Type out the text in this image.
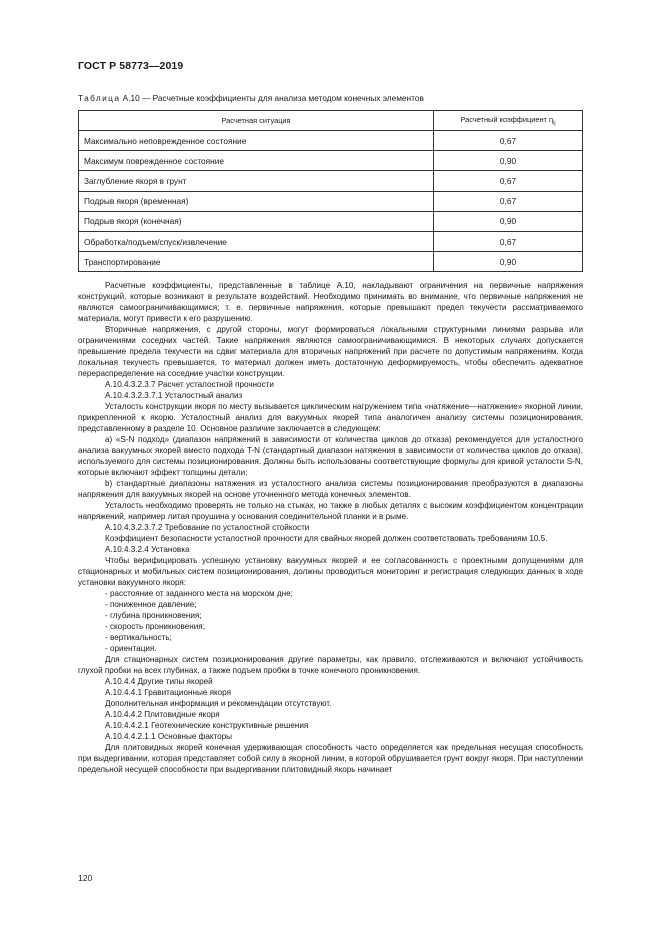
ГОСТ Р 58773—2019
Таблица А.10 — Расчетные коэффициенты для анализа методом конечных элементов
Расчетная ситуация	Расчетный коэффициент $\eta_{ij}$
Максимально неповрежденное состояние	0,67
Максимум поврежденное состояние	0,90
Заглубление якоря в грунт	0,67
Подрыв якоря (временная)	0,67
Подрыв якоря (конечная)	0,90
Обработка/подъем/спуск/извлечение	0,67
Транспортирование	0,90

Расчетные коэффициенты, представленные в таблице А.10, накладывают ограничения на первичные напряжения конструкций, которые возникают в результате воздействий. Необходимо принимать во внимание, что первичные напряжения не являются самоограничивающимися; т. е. первичные напряжения, которые превышают предел текучести рассматриваемого материала, могут привести к его разрушению.

Вторичные напряжения, с другой стороны, могут формироваться локальными структурными линиями разрыва или ограничениями соседних частей. Такие напряжения являются самоограничивающимися. В некоторых случаях допускается превышение предела текучести на сдвиг материала для вторичных напряжений при расчете по допустимым напряжениям. Когда локальная текучесть превышается, то материал должен иметь достаточную деформируемость, чтобы обеспечить адекватное перераспределение на соседние участки конструкции.

А.10.4.3.2.3.7 Расчет усталостной прочности

А.10.4.3.2.3.7.1 Усталостный анализ

Усталость конструкции якоря по месту вызывается циклическим нагружением типа «натяжение—натяжение» якорной линии, прикрепленной к якорю. Усталостный анализ для вакуумных якорей типа аналогичен анализу системы позиционирования, представленному в разделе 10. Основное различие заключается в следующем:

а) «S-N подход» (диапазон напряжений в зависимости от количества циклов до отказа) рекомендуется для усталостного анализа вакуумных якорей вместо подхода T-N (стандартный диапазон натяжения в зависимости от количества циклов до отказа), используемого для системы позиционирования. Должны быть использованы соответствующие формулы для кривой усталости S-N, которые включают эффект толщины детали;

b) стандартные диапазоны натяжения из усталостного анализа системы позиционирования преобразуются в диапазоны напряжения для вакуумных якорей на основе уточненного метода конечных элементов.

Усталость необходимо проверять не только на стыках, но также в любых деталях с высоким коэффициентом концентрации напряжений, например литая проушина у основания соединительной планки и в рыме.

А.10.4.3.2.3.7.2 Требование по усталостной стойкости

Коэффициент безопасности усталостной прочности для свайных якорей должен соответствовать требованиям 10.5.

А.10.4.3.2.4 Установка

Чтобы верифицировать успешную установку вакуумных якорей и ее согласованность с проектными допущениями для стационарных и мобильных систем позиционирования, должны проводиться мониторинг и регистрация следующих данных в ходе установки вакуумного якоря:

- расстояние от заданного места на морском дне;
- пониженное давление;
- глубина проникновения;
- скорость проникновения;
- вертикальность;
- ориентация.

Для стационарных систем позиционирования другие параметры, как правило, отслеживаются и включают устойчивость глухой пробки на всех глубинах, а также подъем пробки в точке конечного проникновения.

А.10.4.4 Другие типы якорей

А.10.4.4.1 Гравитационные якоря

Дополнительная информация и рекомендации отсутствуют.

А.10.4.4.2 Плитовидные якоря

А.10.4.4.2.1 Геотехнические конструктивные решения

А.10.4.4.2.1.1 Основные факторы

Для плитовидных якорей конечная удерживающая способность часто определяется как предельная несущая способность при выдергивании, которая представляет собой силу в якорной линии, в которой обрушивается грунт вокруг якоря. При наступлении предельной несущей способности при выдергивании плитовидный якорь начинает

120
